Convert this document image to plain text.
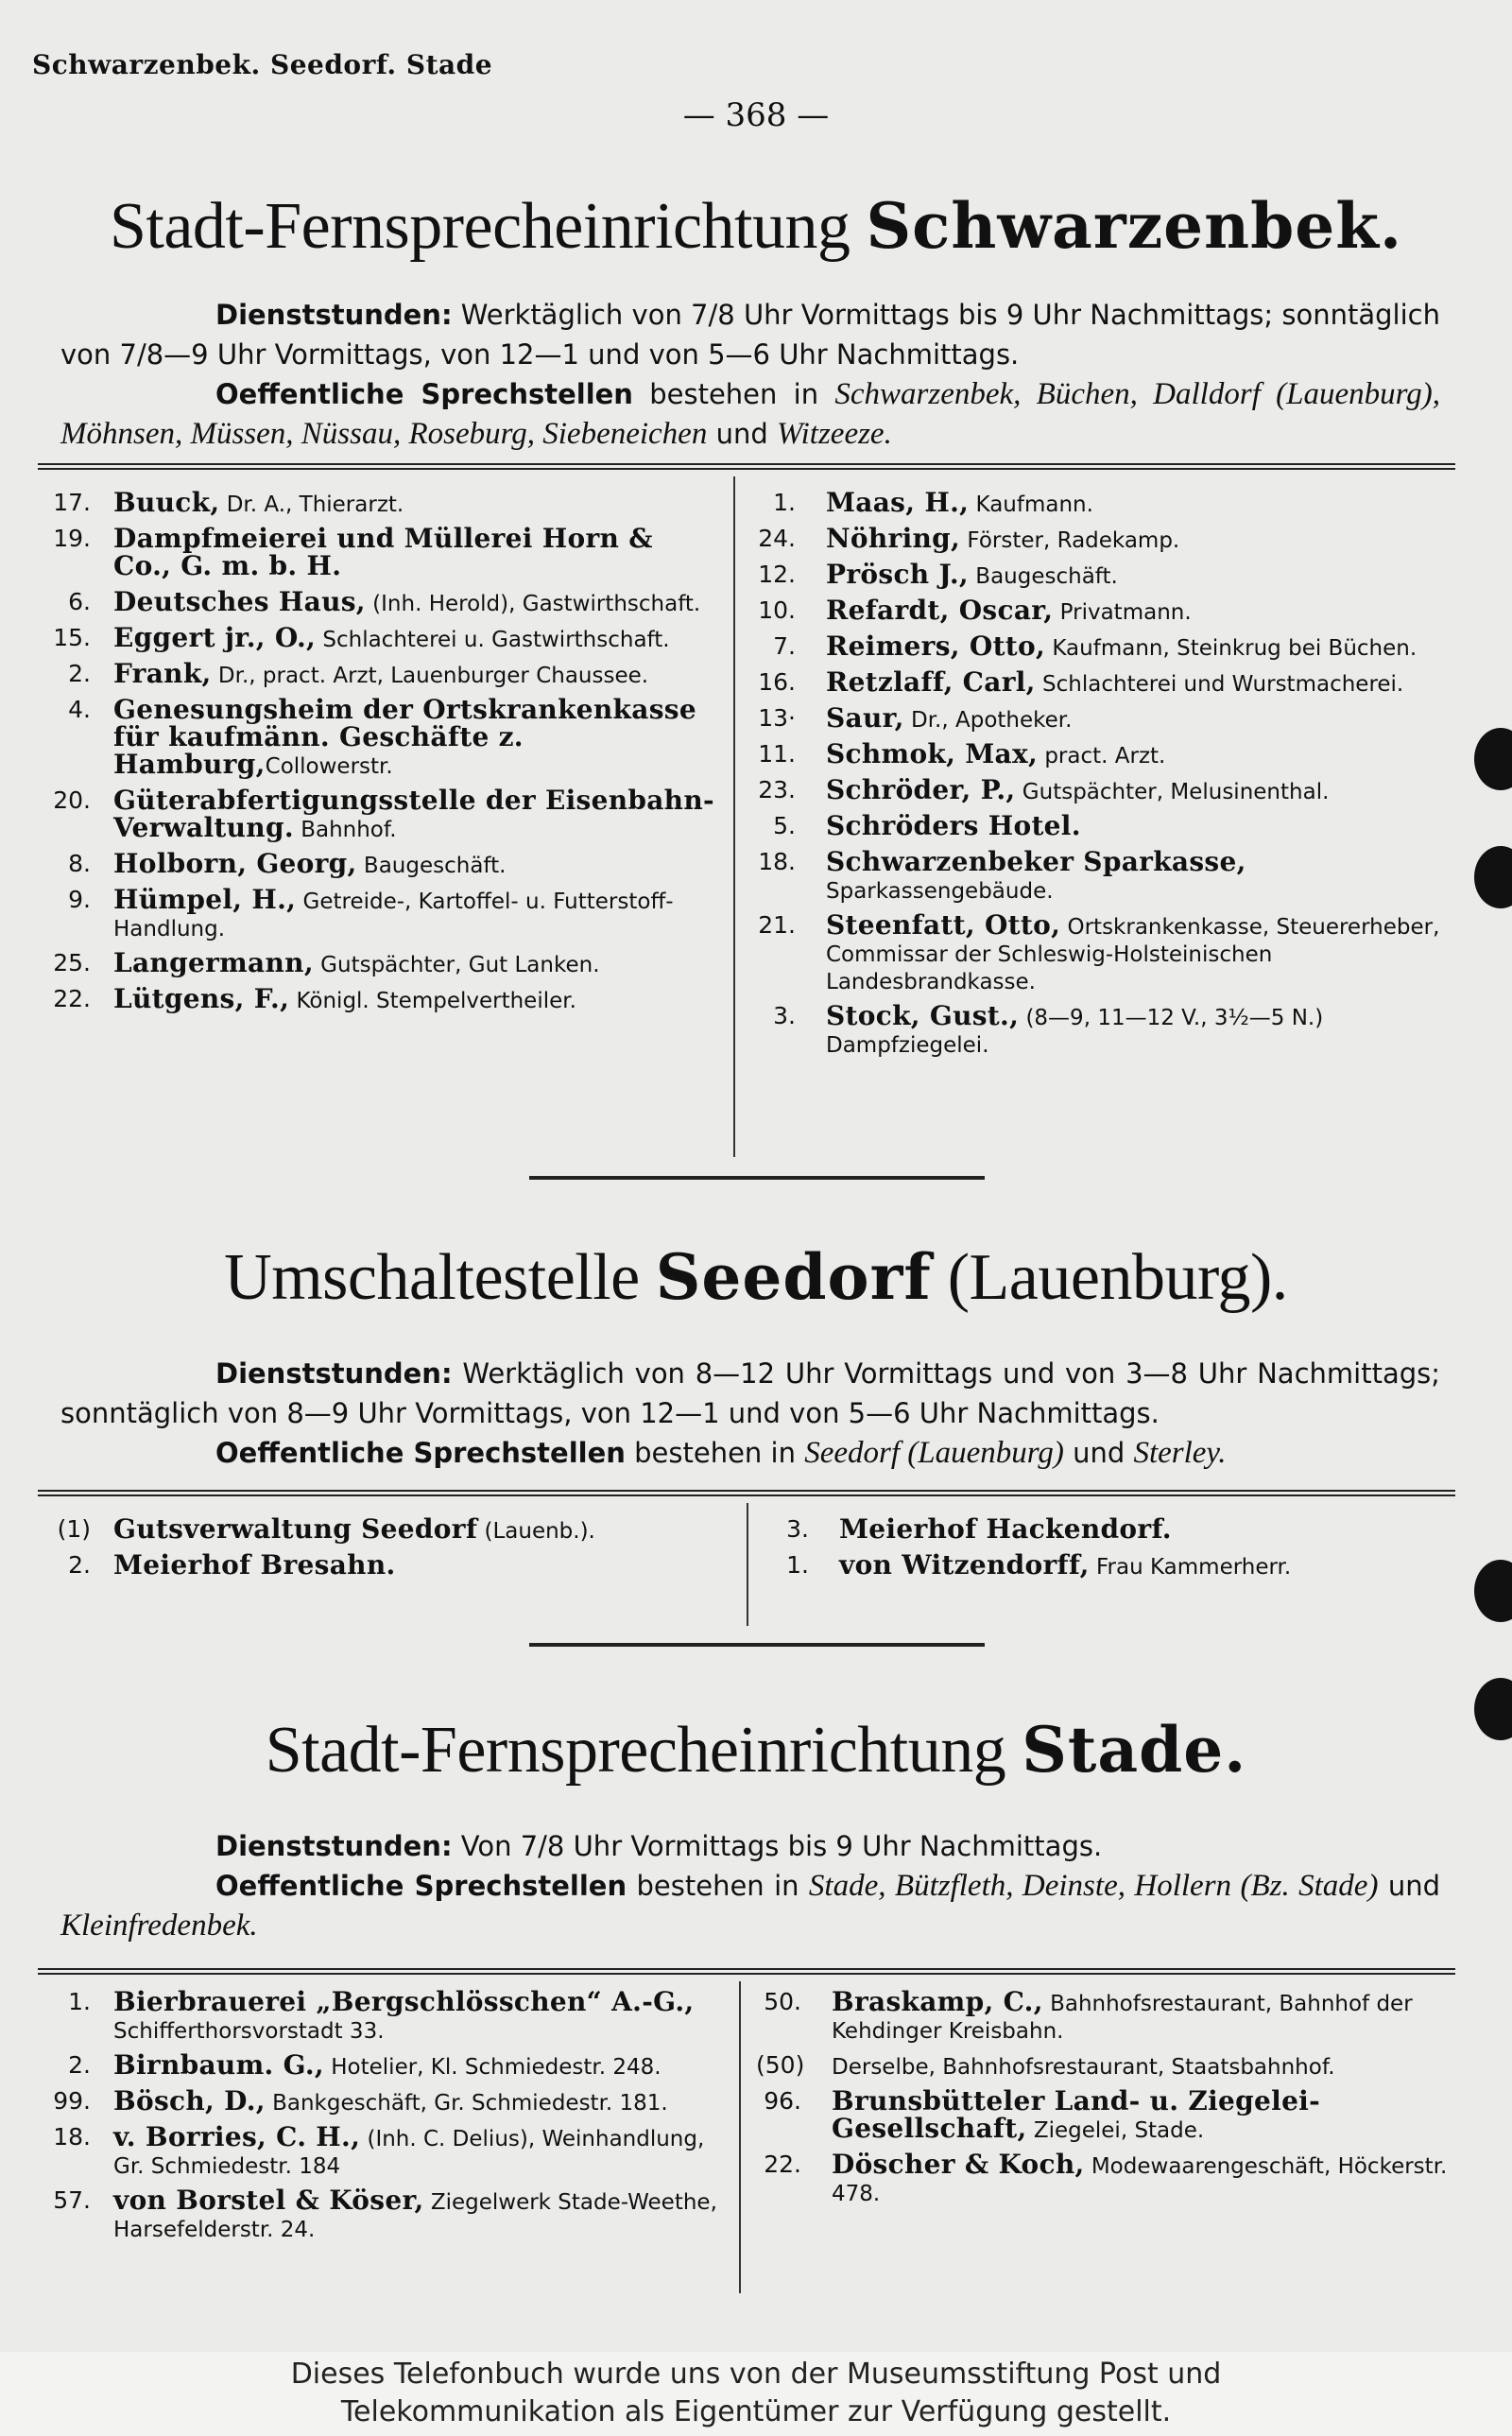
Schwarzenbek. Seedorf. Stade
— 368 —
Stadt-Fernsprecheinrichtung Schwarzenbek.
Dienststunden: Werktäglich von 7/8 Uhr Vormittags bis 9 Uhr Nachmittags; sonntäglich von 7/8—9 Uhr Vormittags, von 12—1 und von 5—6 Uhr Nachmittags.
Oeffentliche Sprechstellen bestehen in Schwarzenbek, Büchen, Dalldorf (Lauenburg), Möhnsen, Müssen, Nüssau, Roseburg, Siebeneichen und Witzeeze.
17. Buuck, Dr. A., Thierarzt.
19. Dampfmeierei und Müllerei Horn & Co., G. m. b. H.
6. Deutsches Haus, (Inh. Herold), Gastwirthschaft.
15. Eggert jr., O., Schlachterei u. Gastwirthschaft.
2. Frank, Dr., pract. Arzt, Lauenburger Chaussee.
4. Genesungsheim der Ortskrankenkasse für kaufmänn. Geschäfte z. Hamburg,Collowerstr.
20. Güterabfertigungsstelle der Eisenbahn-Verwaltung. Bahnhof.
8. Holborn, Georg, Baugeschäft.
9. Hümpel, H., Getreide-, Kartoffel- u. Futterstoff-Handlung.
25. Langermann, Gutspächter, Gut Lanken.
22. Lütgens, F., Königl. Stempelvertheiler.
1. Maas, H., Kaufmann.
24. Nöhring, Förster, Radekamp.
12. Prösch J., Baugeschäft.
10. Refardt, Oscar, Privatmann.
7. Reimers, Otto, Kaufmann, Steinkrug bei Büchen.
16. Retzlaff, Carl, Schlachterei und Wurstmacherei.
13· Saur, Dr., Apotheker.
11. Schmok, Max, pract. Arzt.
23. Schröder, P., Gutspächter, Melusinenthal.
5. Schröders Hotel.
18. Schwarzenbeker Sparkasse, Sparkassengebäude.
21. Steenfatt, Otto, Ortskrankenkasse, Steuererheber, Commissar der Schleswig-Holsteinischen Landesbrandkasse.
3. Stock, Gust., (8—9, 11—12 V., 3½—5 N.) Dampfziegelei.
Umschaltestelle Seedorf (Lauenburg).
Dienststunden: Werktäglich von 8—12 Uhr Vormittags und von 3—8 Uhr Nachmittags; sonntäglich von 8—9 Uhr Vormittags, von 12—1 und von 5—6 Uhr Nachmittags.
Oeffentliche Sprechstellen bestehen in Seedorf (Lauenburg) und Sterley.
(1) Gutsverwaltung Seedorf (Lauenb.).
2. Meierhof Bresahn.
3. Meierhof Hackendorf.
1. von Witzendorff, Frau Kammerherr.
Stadt-Fernsprecheinrichtung Stade.
Dienststunden: Von 7/8 Uhr Vormittags bis 9 Uhr Nachmittags.
Oeffentliche Sprechstellen bestehen in Stade, Bützfleth, Deinste, Hollern (Bz. Stade) und Kleinfredenbek.
1. Bierbrauerei „Bergschlösschen“ A.-G., Schifferthorsvorstadt 33.
2. Birnbaum. G., Hotelier, Kl. Schmiedestr. 248.
99. Bösch, D., Bankgeschäft, Gr. Schmiedestr. 181.
18. v. Borries, C. H., (Inh. C. Delius), Weinhandlung, Gr. Schmiedestr. 184
57. von Borstel & Köser, Ziegelwerk Stade-Weethe, Harsefelderstr. 24.
50. Braskamp, C., Bahnhofsrestaurant, Bahnhof der Kehdinger Kreisbahn.
(50) Derselbe, Bahnhofsrestaurant, Staatsbahnhof.
96. Brunsbütteler Land- u. Ziegelei-Gesellschaft, Ziegelei, Stade.
22. Döscher & Koch, Modewaarengeschäft, Höckerstr. 478.
Dieses Telefonbuch wurde uns von der Museumsstiftung Post und
Telekommunikation als Eigentümer zur Verfügung gestellt.
